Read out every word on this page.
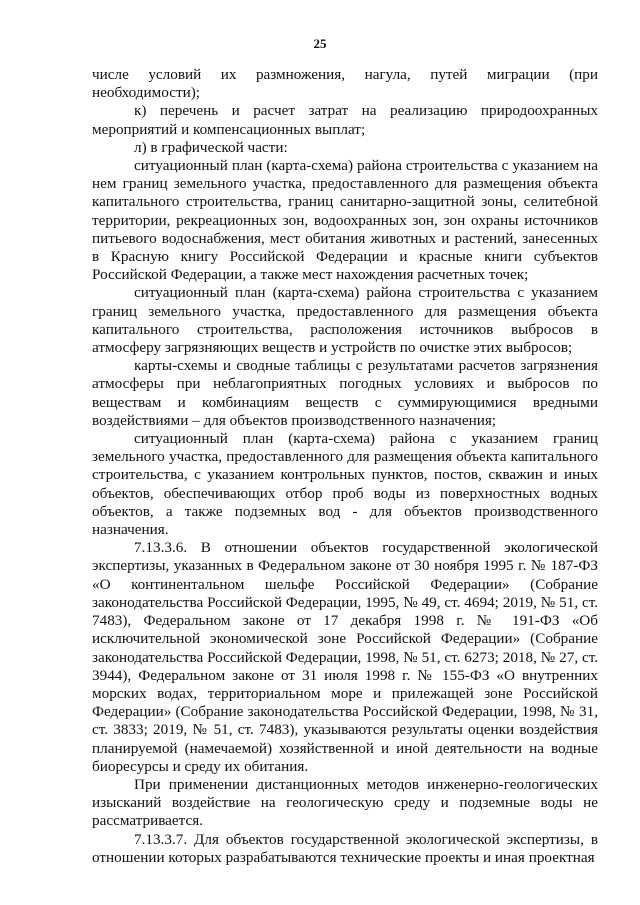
25

числе условий их размножения, нагула, путей миграции (при необходимости);

к) перечень и расчет затрат на реализацию природоохранных мероприятий и компенсационных выплат;

л) в графической части:

ситуационный план (карта-схема) района строительства с указанием на нем границ земельного участка, предоставленного для размещения объекта капитального строительства, границ санитарно-защитной зоны, селитебной территории, рекреационных зон, водоохранных зон, зон охраны источников питьевого водоснабжения, мест обитания животных и растений, занесенных в Красную книгу Российской Федерации и красные книги субъектов Российской Федерации, а также мест нахождения расчетных точек;

ситуационный план (карта-схема) района строительства с указанием границ земельного участка, предоставленного для размещения объекта капитального строительства, расположения источников выбросов в атмосферу загрязняющих веществ и устройств по очистке этих выбросов;

карты-схемы и сводные таблицы с результатами расчетов загрязнения атмосферы при неблагоприятных погодных условиях и выбросов по веществам и комбинациям веществ с суммирующимися вредными воздействиями – для объектов производственного назначения;

ситуационный план (карта-схема) района с указанием границ земельного участка, предоставленного для размещения объекта капитального строительства, с указанием контрольных пунктов, постов, скважин и иных объектов, обеспечивающих отбор проб воды из поверхностных водных объектов, а также подземных вод - для объектов производственного назначения.

7.13.3.6. В отношении объектов государственной экологической экспертизы, указанных в Федеральном законе от 30 ноября 1995 г. № 187-ФЗ «О континентальном шельфе Российской Федерации» (Собрание законодательства Российской Федерации, 1995, № 49, ст. 4694; 2019, № 51, ст. 7483), Федеральном законе от 17 декабря 1998 г. № 191-ФЗ «Об исключительной экономической зоне Российской Федерации» (Собрание законодательства Российской Федерации, 1998, № 51, ст. 6273; 2018, № 27, ст. 3944), Федеральном законе от 31 июля 1998 г. № 155-ФЗ «О внутренних морских водах, территориальном море и прилежащей зоне Российской Федерации» (Собрание законодательства Российской Федерации, 1998, № 31, ст. 3833; 2019, № 51, ст. 7483), указываются результаты оценки воздействия планируемой (намечаемой) хозяйственной и иной деятельности на водные биоресурсы и среду их обитания.

При применении дистанционных методов инженерно-геологических изысканий воздействие на геологическую среду и подземные воды не рассматривается.

7.13.3.7. Для объектов государственной экологической экспертизы, в отношении которых разрабатываются технические проекты и иная проектная
